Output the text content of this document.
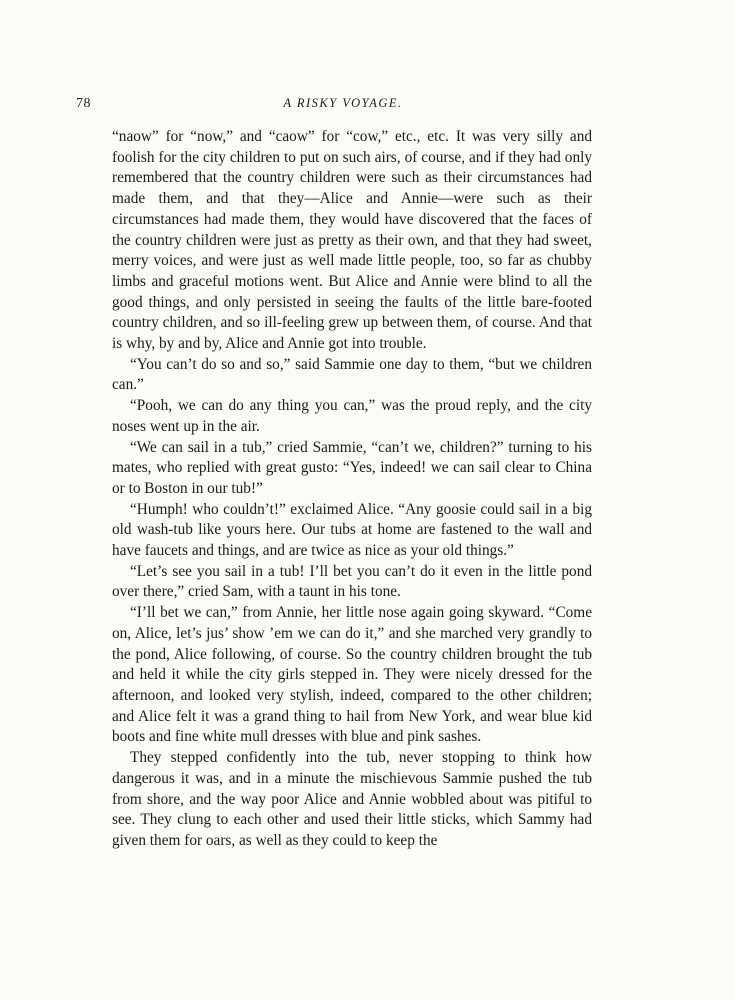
78	A RISKY VOYAGE.

“naow” for “now,” and “caow” for “cow,” etc., etc. It was very silly and foolish for the city children to put on such airs, of course, and if they had only remembered that the country children were such as their circumstances had made them, and that they—Alice and Annie—were such as their circumstances had made them, they would have discovered that the faces of the country children were just as pretty as their own, and that they had sweet, merry voices, and were just as well made little people, too, so far as chubby limbs and graceful motions went. But Alice and Annie were blind to all the good things, and only persisted in seeing the faults of the little bare-footed country children, and so ill-feeling grew up between them, of course. And that is why, by and by, Alice and Annie got into trouble.

“You can’t do so and so,” said Sammie one day to them, “but we children can.”

“Pooh, we can do any thing you can,” was the proud reply, and the city noses went up in the air.

“We can sail in a tub,” cried Sammie, “can’t we, children?” turning to his mates, who replied with great gusto: “Yes, indeed! we can sail clear to China or to Boston in our tub!”

“Humph! who couldn’t!” exclaimed Alice. “Any goosie could sail in a big old wash-tub like yours here. Our tubs at home are fastened to the wall and have faucets and things, and are twice as nice as your old things.”

“Let’s see you sail in a tub! I’ll bet you can’t do it even in the little pond over there,” cried Sam, with a taunt in his tone.

“I’ll bet we can,” from Annie, her little nose again going skyward. “Come on, Alice, let’s jus’ show ’em we can do it,” and she marched very grandly to the pond, Alice following, of course. So the country children brought the tub and held it while the city girls stepped in. They were nicely dressed for the afternoon, and looked very stylish, indeed, compared to the other children; and Alice felt it was a grand thing to hail from New York, and wear blue kid boots and fine white mull dresses with blue and pink sashes.

They stepped confidently into the tub, never stopping to think how dangerous it was, and in a minute the mischievous Sammie pushed the tub from shore, and the way poor Alice and Annie wobbled about was pitiful to see. They clung to each other and used their little sticks, which Sammy had given them for oars, as well as they could to keep the
